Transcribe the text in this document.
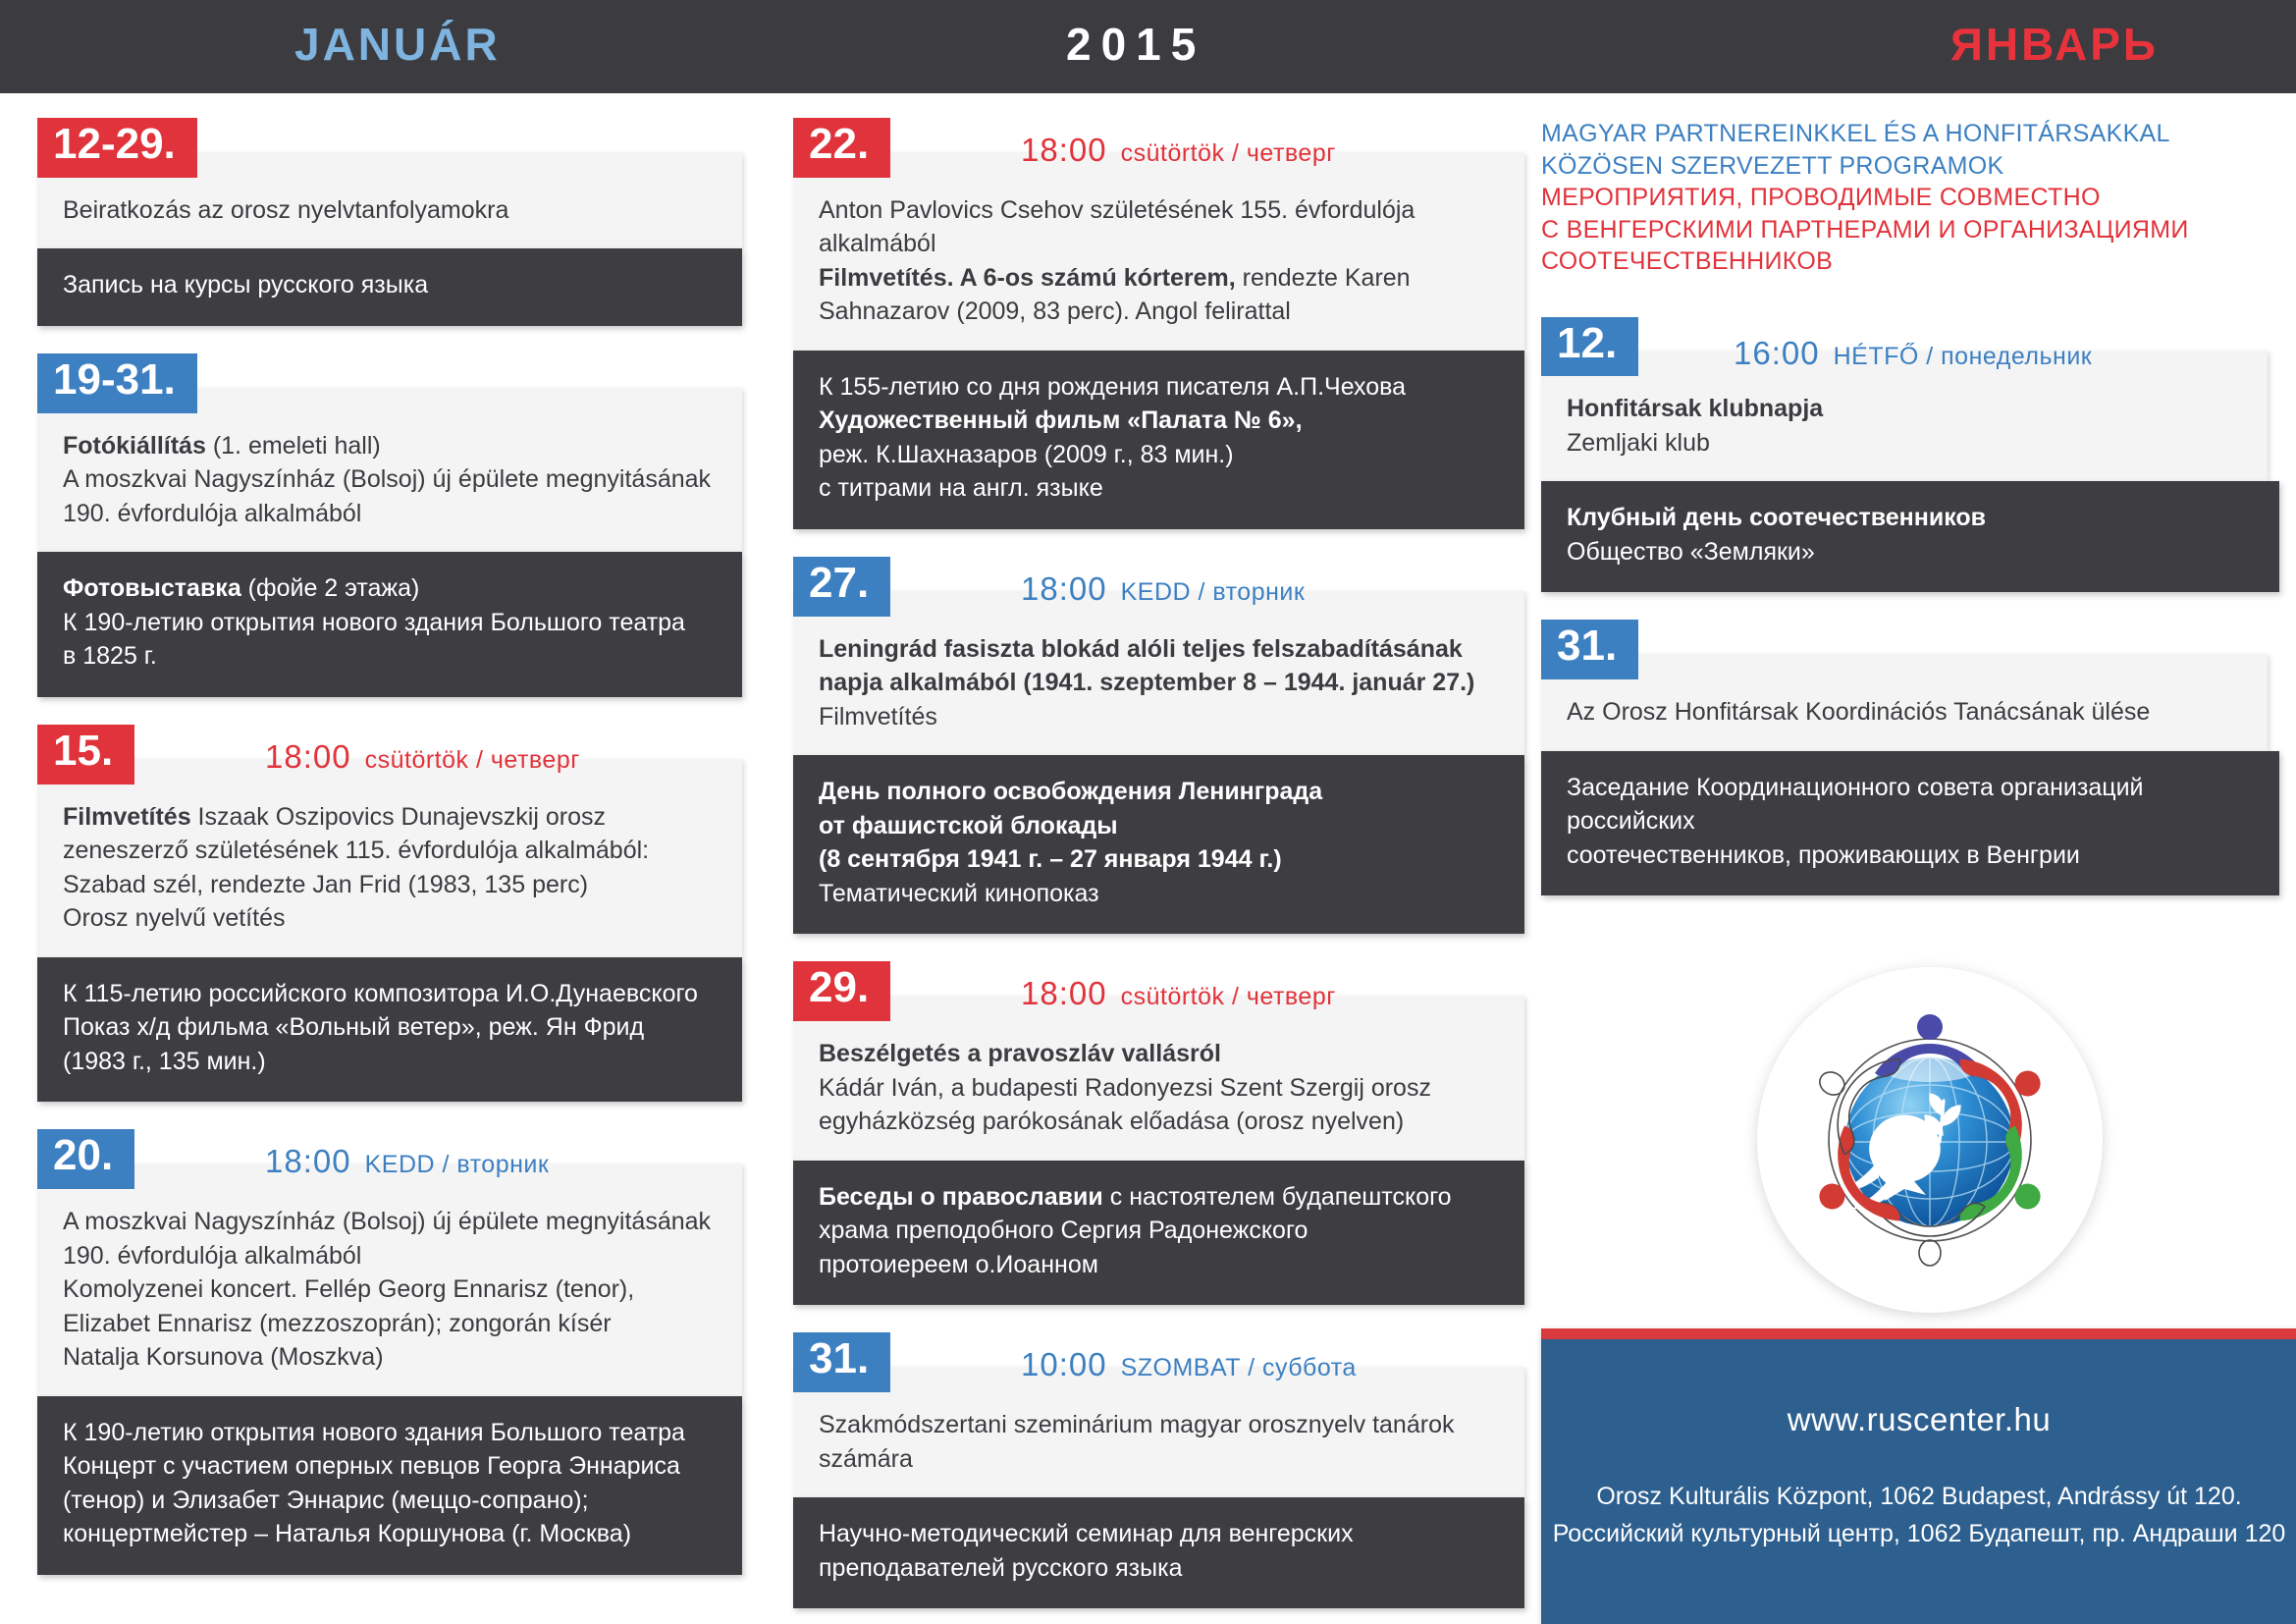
JANUÁR	2015	ЯНВАРЬ
12-29.
Beiratkozás az orosz nyelvtanfolyamokra
Запись на курсы русского языка
19-31.
Fotókiállítás (1. emeleti hall)
A moszkvai Nagyszínház (Bolsoj) új épülete megnyitásának
190. évfordulója alkalmából
Фотовыставка (фойе 2 этажа)
К 190-летию открытия нового здания Большого театра
в 1825 г.
15.	18:00 csütörtök / четверг
Filmvetítés Iszaak Oszipovics Dunajevszkij orosz
zeneszerző születésének 115. évfordulója alkalmából:
Szabad szél, rendezte Jan Frid (1983, 135 perc)
Orosz nyelvű vetítés
К 115-летию российского композитора И.О.Дунаевского
Показ х/д фильма «Вольный ветер», реж. Ян Фрид
(1983 г., 135 мин.)
20.	18:00 KEDD / вторник
A moszkvai Nagyszínház (Bolsoj) új épülete megnyitásának
190. évfordulója alkalmából
Komolyzenei koncert. Fellép Georg Ennarisz (tenor),
Elizabet Ennarisz (mezzoszoprán); zongorán kísér
Natalja Korsunova (Moszkva)
К 190-летию открытия нового здания Большого театра
Концерт с участием оперных певцов Георга Эннариса
(тенор) и Элизабет Эннарис (меццо-сопрано);
концертмейстер – Наталья Коршунова (г. Москва)
22.	18:00 csütörtök / четверг
Anton Pavlovics Csehov születésének 155. évfordulója
alkalmából
Filmvetítés. A 6-os számú kórterem, rendezte Karen
Sahnazarov (2009, 83 perc). Angol felirattal
К 155-летию со дня рождения писателя А.П.Чехова
Художественный фильм «Палата № 6»,
реж. К.Шахназаров (2009 г., 83 мин.)
с титрами на англ. языке
27.	18:00 KEDD / вторник
Leningrád fasiszta blokád alóli teljes felszabadításának
napja alkalmából (1941. szeptember 8 – 1944. január 27.)
Filmvetítés
День полного освобождения Ленинграда
от фашистской блокады
(8 сентября 1941 г. – 27 января 1944 г.)
Тематический кинопоказ
29.	18:00 csütörtök / четверг
Beszélgetés a pravoszláv vallásról
Kádár Iván, a budapesti Radonyezsi Szent Szergij orosz
egyházközség parókosának előadása (orosz nyelven)
Беседы о православии с настоятелем будапештского
храма преподобного Сергия Радонежского
протоиереем о.Иоанном
31.	10:00 SZOMBAT / суббота
Szakmódszertani szeminárium magyar orosznyelv tanárok
számára
Научно-методический семинар для венгерских
преподавателей русского языка
MAGYAR PARTNEREINKKEL ÉS A HONFITÁRSAKKAL
KÖZÖSEN SZERVEZETT PROGRAMOK
МЕРОПРИЯТИЯ, ПРОВОДИМЫЕ СОВМЕСТНО
С ВЕНГЕРСКИМИ ПАРТНЕРАМИ И ОРГАНИЗАЦИЯМИ
СООТЕЧЕСТВЕННИКОВ
12.	16:00 HÉTFŐ / понедельник
Honfitársak klubnapja
Zemljaki klub
Клубный день соотечественников
Общество «Земляки»
31.
Az Orosz Honfitársak Koordinációs Tanácsának ülése
Заседание Координационного совета организаций российских
соотечественников, проживающих в Венгрии
www.ruscenter.hu
Orosz Kulturális Központ, 1062 Budapest, Andrássy út 120.
Российский культурный центр, 1062 Будапешт, пр. Андраши 120
